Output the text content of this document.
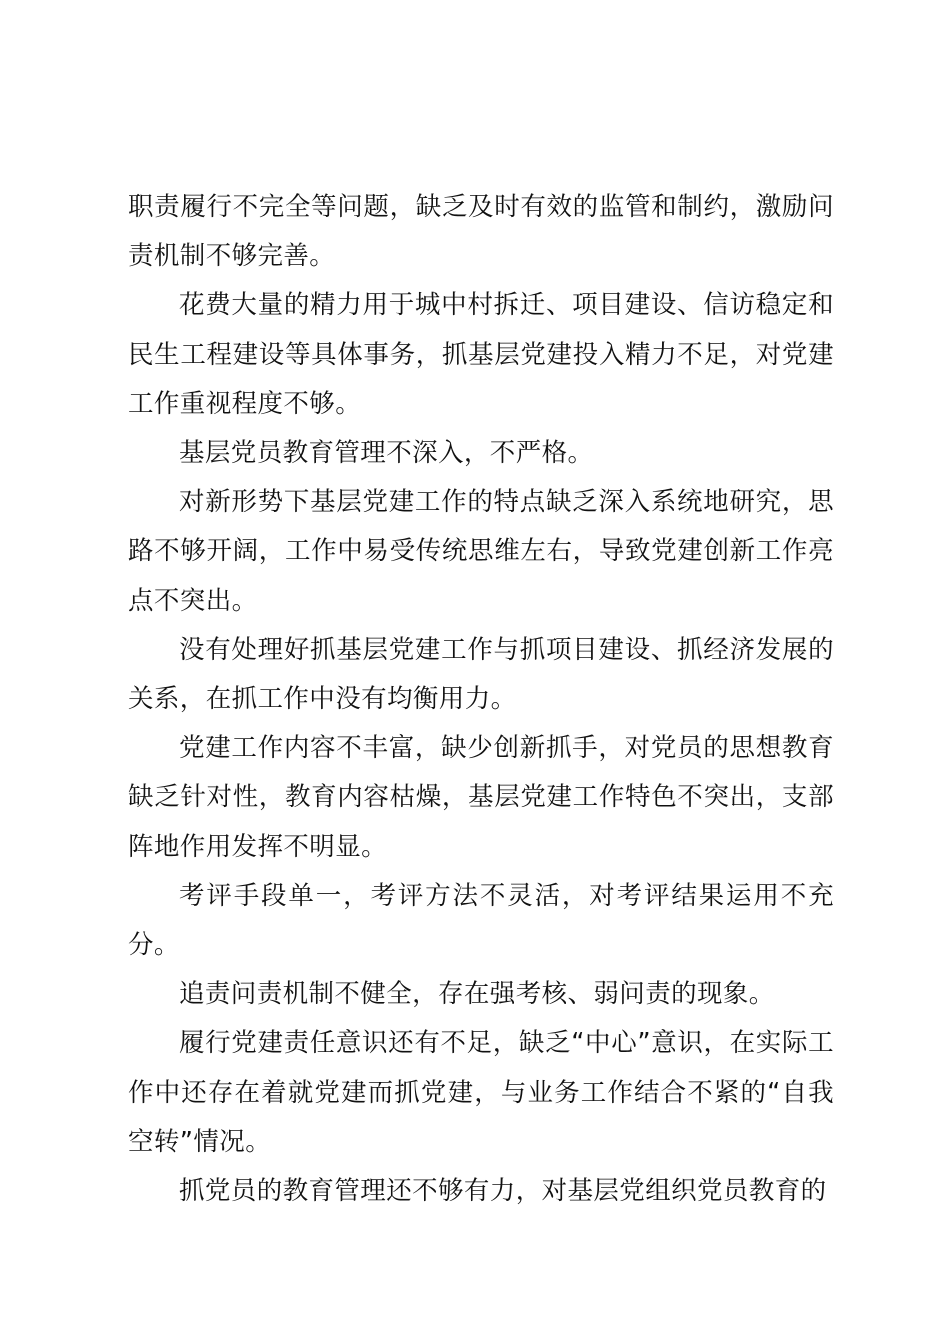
职责履行不完全等问题，缺乏及时有效的监管和制约，激励问责机制不够完善。

花费大量的精力用于城中村拆迁、项目建设、信访稳定和民生工程建设等具体事务，抓基层党建投入精力不足，对党建工作重视程度不够。

基层党员教育管理不深入，不严格。

对新形势下基层党建工作的特点缺乏深入系统地研究，思路不够开阔，工作中易受传统思维左右，导致党建创新工作亮点不突出。

没有处理好抓基层党建工作与抓项目建设、抓经济发展的关系，在抓工作中没有均衡用力。

党建工作内容不丰富，缺少创新抓手，对党员的思想教育缺乏针对性，教育内容枯燥，基层党建工作特色不突出，支部阵地作用发挥不明显。

考评手段单一，考评方法不灵活，对考评结果运用不充分。

追责问责机制不健全，存在强考核、弱问责的现象。

履行党建责任意识还有不足，缺乏“中心”意识，在实际工作中还存在着就党建而抓党建，与业务工作结合不紧的“自我空转”情况。

抓党员的教育管理还不够有力，对基层党组织党员教育的
